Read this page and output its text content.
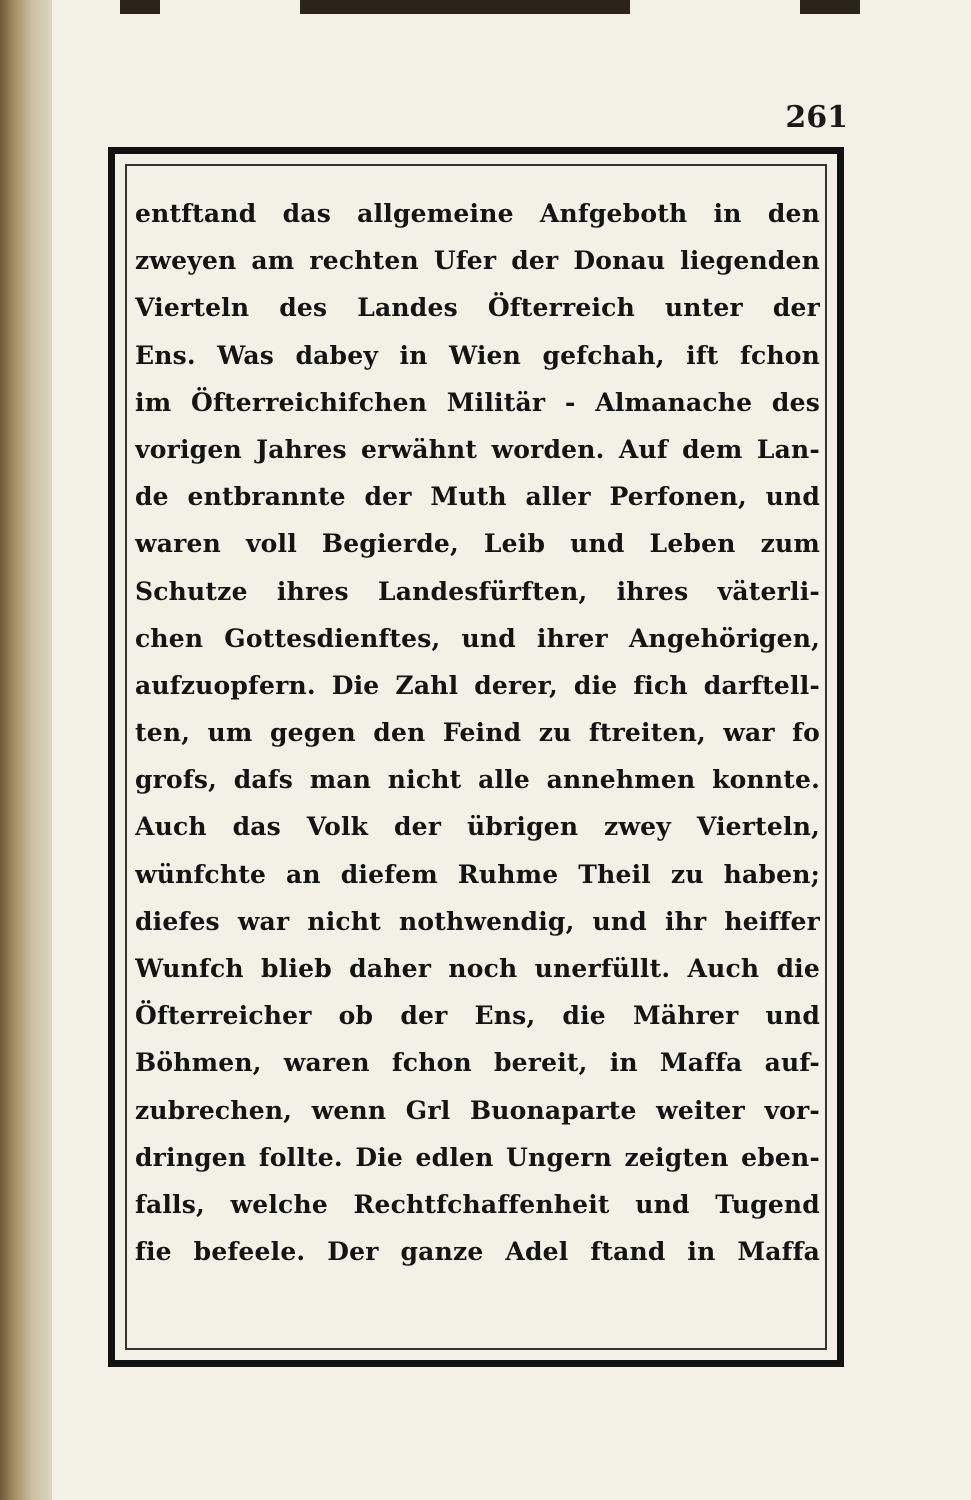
261
entftand das allgemeine Anfgeboth in den
zweyen am rechten Ufer der Donau liegenden
Vierteln des Landes Öfterreich unter der
Ens. Was dabey in Wien gefchah, ift fchon
im Öfterreichifchen Militär - Almanache des
vorigen Jahres erwähnt worden. Auf dem Lan-
de entbrannte der Muth aller Perfonen, und
waren voll Begierde, Leib und Leben zum
Schutze ihres Landesfürften, ihres väterli-
chen Gottesdienftes, und ihrer Angehörigen,
aufzuopfern. Die Zahl derer, die fich darftell-
ten, um gegen den Feind zu ftreiten, war fo
grofs, dafs man nicht alle annehmen konnte.
Auch das Volk der übrigen zwey Vierteln,
wünfchte an diefem Ruhme Theil zu haben;
diefes war nicht nothwendig, und ihr heiffer
Wunfch blieb daher noch unerfüllt. Auch die
Öfterreicher ob der Ens, die Mährer und
Böhmen, waren fchon bereit, in Maffa auf-
zubrechen, wenn Grl Buonaparte weiter vor-
dringen follte. Die edlen Ungern zeigten eben-
falls, welche Rechtfchaffenheit und Tugend
fie befeele. Der ganze Adel ftand in Maffa
